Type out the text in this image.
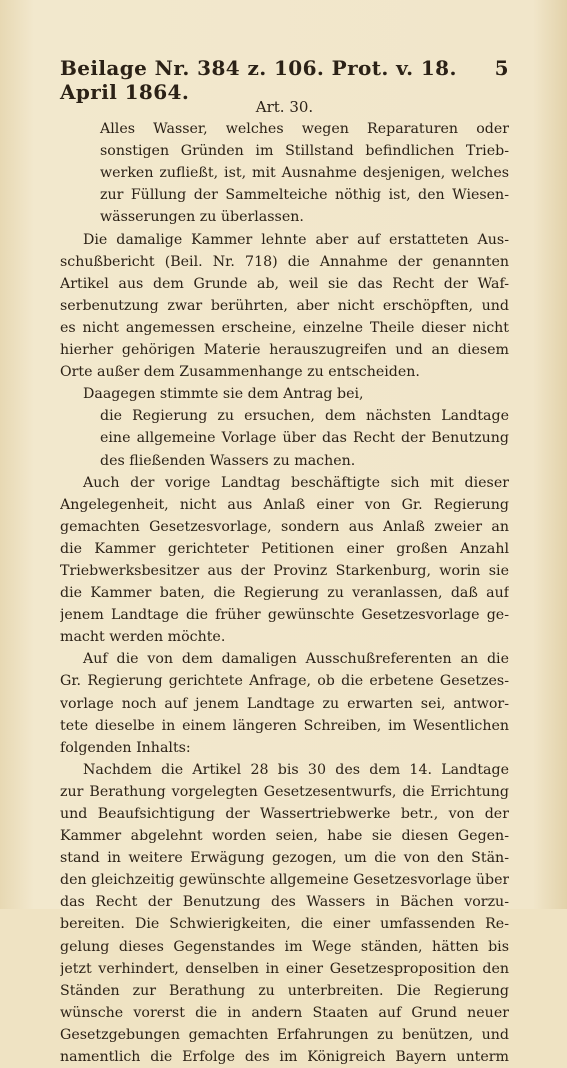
Beilage Nr. 384 z. 106. Prot. v. 18. April 1864.
5
Art. 30.
Alles Wasser, welches wegen Reparaturen oder
sonstigen Gründen im Stillstand befindlichen Trieb-
werken zufließt, ist, mit Ausnahme desjenigen, welches
zur Füllung der Sammelteiche nöthig ist, den Wiesen-
wässerungen zu überlassen.
Die damalige Kammer lehnte aber auf erstatteten Aus-
schußbericht (Beil. Nr. 718) die Annahme der genannten
Artikel aus dem Grunde ab, weil sie das Recht der Waf-
serbenutzung zwar berührten, aber nicht erschöpften, und
es nicht angemessen erscheine, einzelne Theile dieser nicht
hierher gehörigen Materie herauszugreifen und an diesem
Orte außer dem Zusammenhange zu entscheiden.
Daagegen stimmte sie dem Antrag bei,
die Regierung zu ersuchen, dem nächsten Landtage
eine allgemeine Vorlage über das Recht der Benutzung
des fließenden Wassers zu machen.
Auch der vorige Landtag beschäftigte sich mit dieser
Angelegenheit, nicht aus Anlaß einer von Gr. Regierung
gemachten Gesetzesvorlage, sondern aus Anlaß zweier an
die Kammer gerichteter Petitionen einer großen Anzahl
Triebwerksbesitzer aus der Provinz Starkenburg, worin sie
die Kammer baten, die Regierung zu veranlassen, daß auf
jenem Landtage die früher gewünschte Gesetzesvorlage ge-
macht werden möchte.
Auf die von dem damaligen Ausschußreferenten an die
Gr. Regierung gerichtete Anfrage, ob die erbetene Gesetzes-
vorlage noch auf jenem Landtage zu erwarten sei, antwor-
tete dieselbe in einem längeren Schreiben, im Wesentlichen
folgenden Inhalts:
Nachdem die Artikel 28 bis 30 des dem 14. Landtage
zur Berathung vorgelegten Gesetzesentwurfs, die Errichtung
und Beaufsichtigung der Wassertriebwerke betr., von der
Kammer abgelehnt worden seien, habe sie diesen Gegen-
stand in weitere Erwägung gezogen, um die von den Stän-
den gleichzeitig gewünschte allgemeine Gesetzesvorlage über
das Recht der Benutzung des Wassers in Bächen vorzu-
bereiten. Die Schwierigkeiten, die einer umfassenden Re-
gelung dieses Gegenstandes im Wege ständen, hätten bis
jetzt verhindert, denselben in einer Gesetzesproposition den
Ständen zur Berathung zu unterbreiten. Die Regierung
wünsche vorerst die in andern Staaten auf Grund neuer
Gesetzgebungen gemachten Erfahrungen zu benützen, und
namentlich die Erfolge des im Königreich Bayern unterm
